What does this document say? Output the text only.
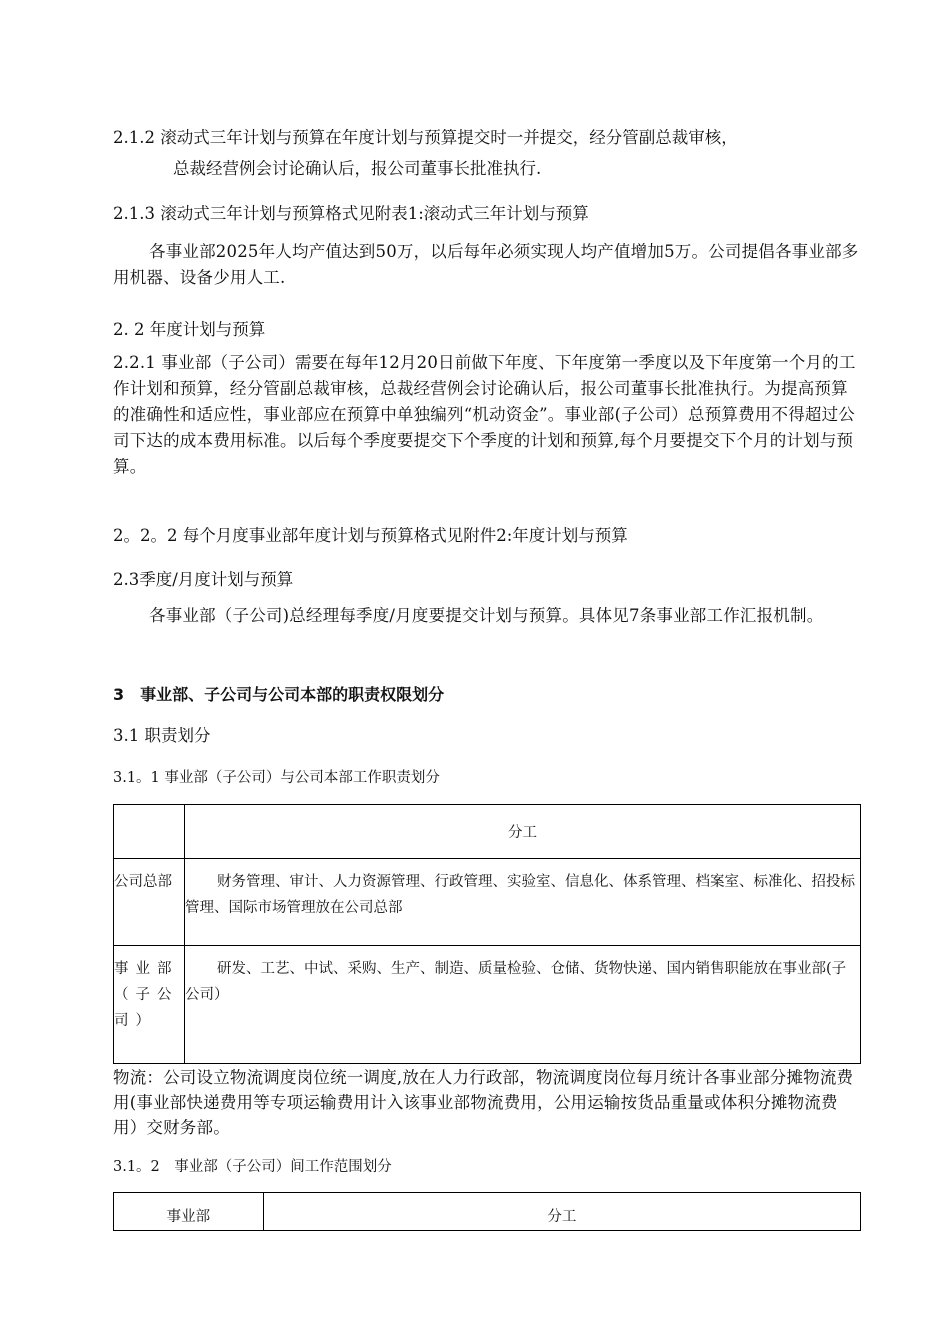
2.1.2 滚动式三年计划与预算在年度计划与预算提交时一并提交，经分管副总裁审核，
总裁经营例会讨论确认后，报公司董事长批准执行.
2.1.3 滚动式三年计划与预算格式见附表1:滚动式三年计划与预算

各事业部2025年人均产值达到50万，以后每年必须实现人均产值增加5万。公司提倡各事业部多用机器、设备少用人工.

2. 2 年度计划与预算

2.2.1 事业部（子公司）需要在每年12月20日前做下年度、下年度第一季度以及下年度第一个月的工作计划和预算，经分管副总裁审核，总裁经营例会讨论确认后，报公司董事长批准执行。为提高预算的准确性和适应性，事业部应在预算中单独编列“机动资金”。事业部(子公司）总预算费用不得超过公司下达的成本费用标准。以后每个季度要提交下个季度的计划和预算,每个月要提交下个月的计划与预算。

2。2。2 每个月度事业部年度计划与预算格式见附件2:年度计划与预算
2.3季度/月度计划与预算

各事业部（子公司)总经理每季度/月度要提交计划与预算。具体见7条事业部工作汇报机制。

3　事业部、子公司与公司本部的职责权限划分
3.1 职责划分
3.1。1 事业部（子公司）与公司本部工作职责划分
	分工
公司总部	财务管理、审计、人力资源管理、行政管理、实验室、信息化、体系管理、档案室、标准化、招投标管理、国际市场管理放在公司总部
事业部（子公司）	研发、工艺、中试、采购、生产、制造、质量检验、仓储、货物快递、国内销售职能放在事业部(子公司）

物流：公司设立物流调度岗位统一调度,放在人力行政部，物流调度岗位每月统计各事业部分摊物流费用(事业部快递费用等专项运输费用计入该事业部物流费用，公用运输按货品重量或体积分摊物流费用）交财务部。

3.1。2　事业部（子公司）间工作范围划分
事业部	分工
